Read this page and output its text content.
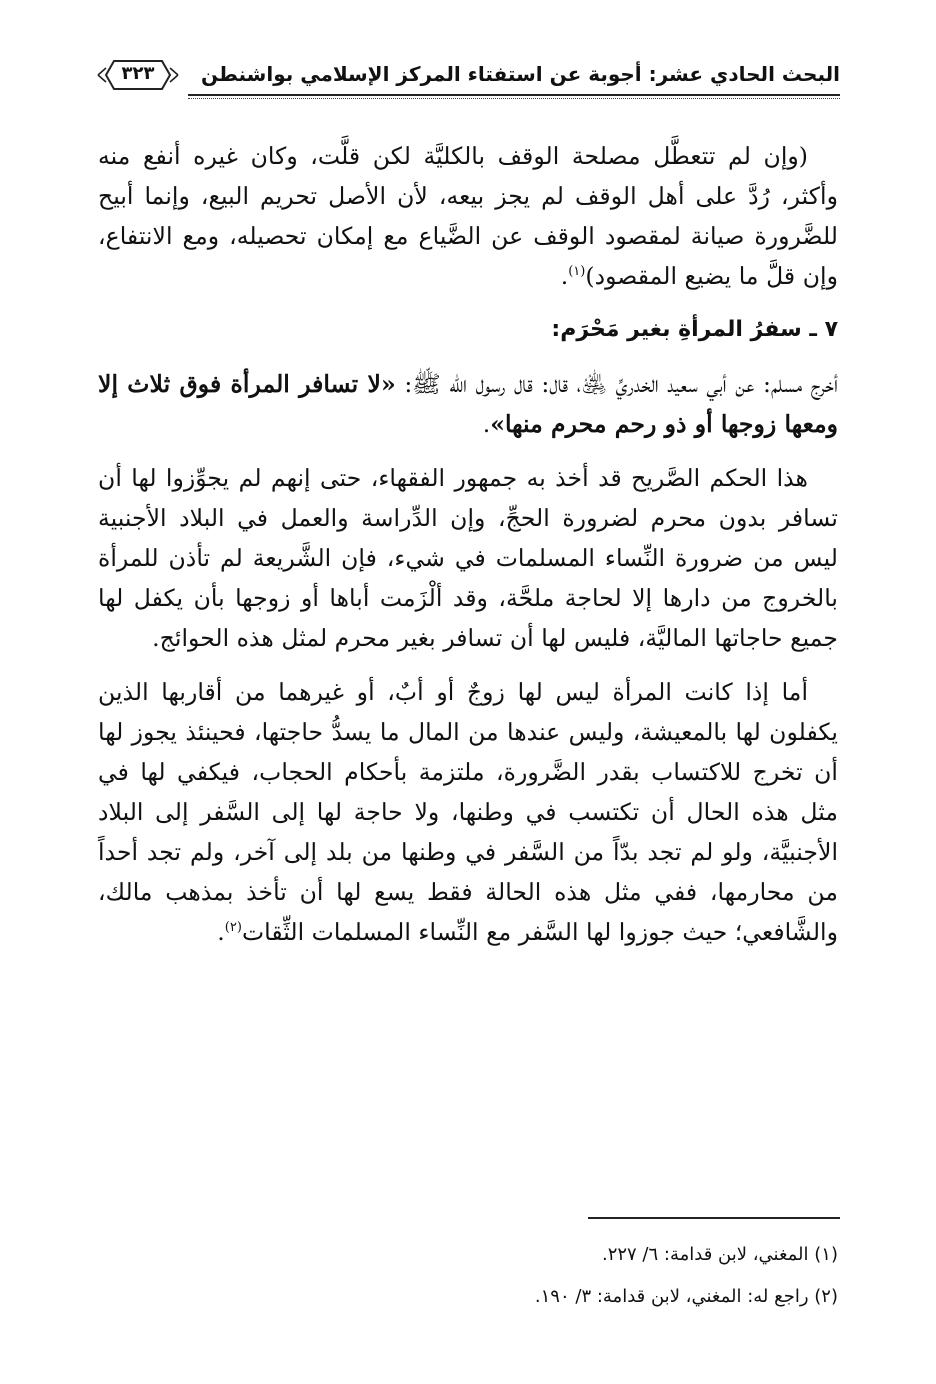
البحث الحادي عشر: أجوبة عن استفتاء المركز الإسلامي بواشنطن
٣٢٣

(وإن لم تتعطَّل مصلحة الوقف بالكليَّة لكن قلَّت، وكان غيره أنفع منه وأكثر، رُدَّ على أهل الوقف لم يجز بيعه، لأن الأصل تحريم البيع، وإنما أبيح للضَّرورة صيانة لمقصود الوقف عن الضَّياع مع إمكان تحصيله، ومع الانتفاع، وإن قلَّ ما يضيع المقصود)$^{(١)}$.

٧ ـ سفرُ المرأةِ بغير مَحْرَم:

أخرج مسلم: عن أبي سعيد الخدريِّ ﵁، قال: قال رسول الله ﷺ: «لا تسافر المرأة فوق ثلاث إلا ومعها زوجها أو ذو رحم محرم منها».

هذا الحكم الصَّريح قد أخذ به جمهور الفقهاء، حتى إنهم لم يجوِّزوا لها أن تسافر بدون محرم لضرورة الحجِّ، وإن الدِّراسة والعمل في البلاد الأجنبية ليس من ضرورة النِّساء المسلمات في شيء، فإن الشَّريعة لم تأذن للمرأة بالخروج من دارها إلا لحاجة ملحَّة، وقد ألْزَمت أباها أو زوجها بأن يكفل لها جميع حاجاتها الماليَّة، فليس لها أن تسافر بغير محرم لمثل هذه الحوائج.

أما إذا كانت المرأة ليس لها زوجٌ أو أبٌ، أو غيرهما من أقاربها الذين يكفلون لها بالمعيشة، وليس عندها من المال ما يسدُّ حاجتها، فحينئذ يجوز لها أن تخرج للاكتساب بقدر الضَّرورة، ملتزمة بأحكام الحجاب، فيكفي لها في مثل هذه الحال أن تكتسب في وطنها، ولا حاجة لها إلى السَّفر إلى البلاد الأجنبيَّة، ولو لم تجد بدّاً من السَّفر في وطنها من بلد إلى آخر، ولم تجد أحداً من محارمها، ففي مثل هذه الحالة فقط يسع لها أن تأخذ بمذهب مالك، والشَّافعي؛ حيث جوزوا لها السَّفر مع النِّساء المسلمات الثِّقات$^{(٢)}$.

(١) المغني، لابن قدامة: ٦/ ٢٢٧.

(٢) راجع له: المغني، لابن قدامة: ٣/ ١٩٠.
